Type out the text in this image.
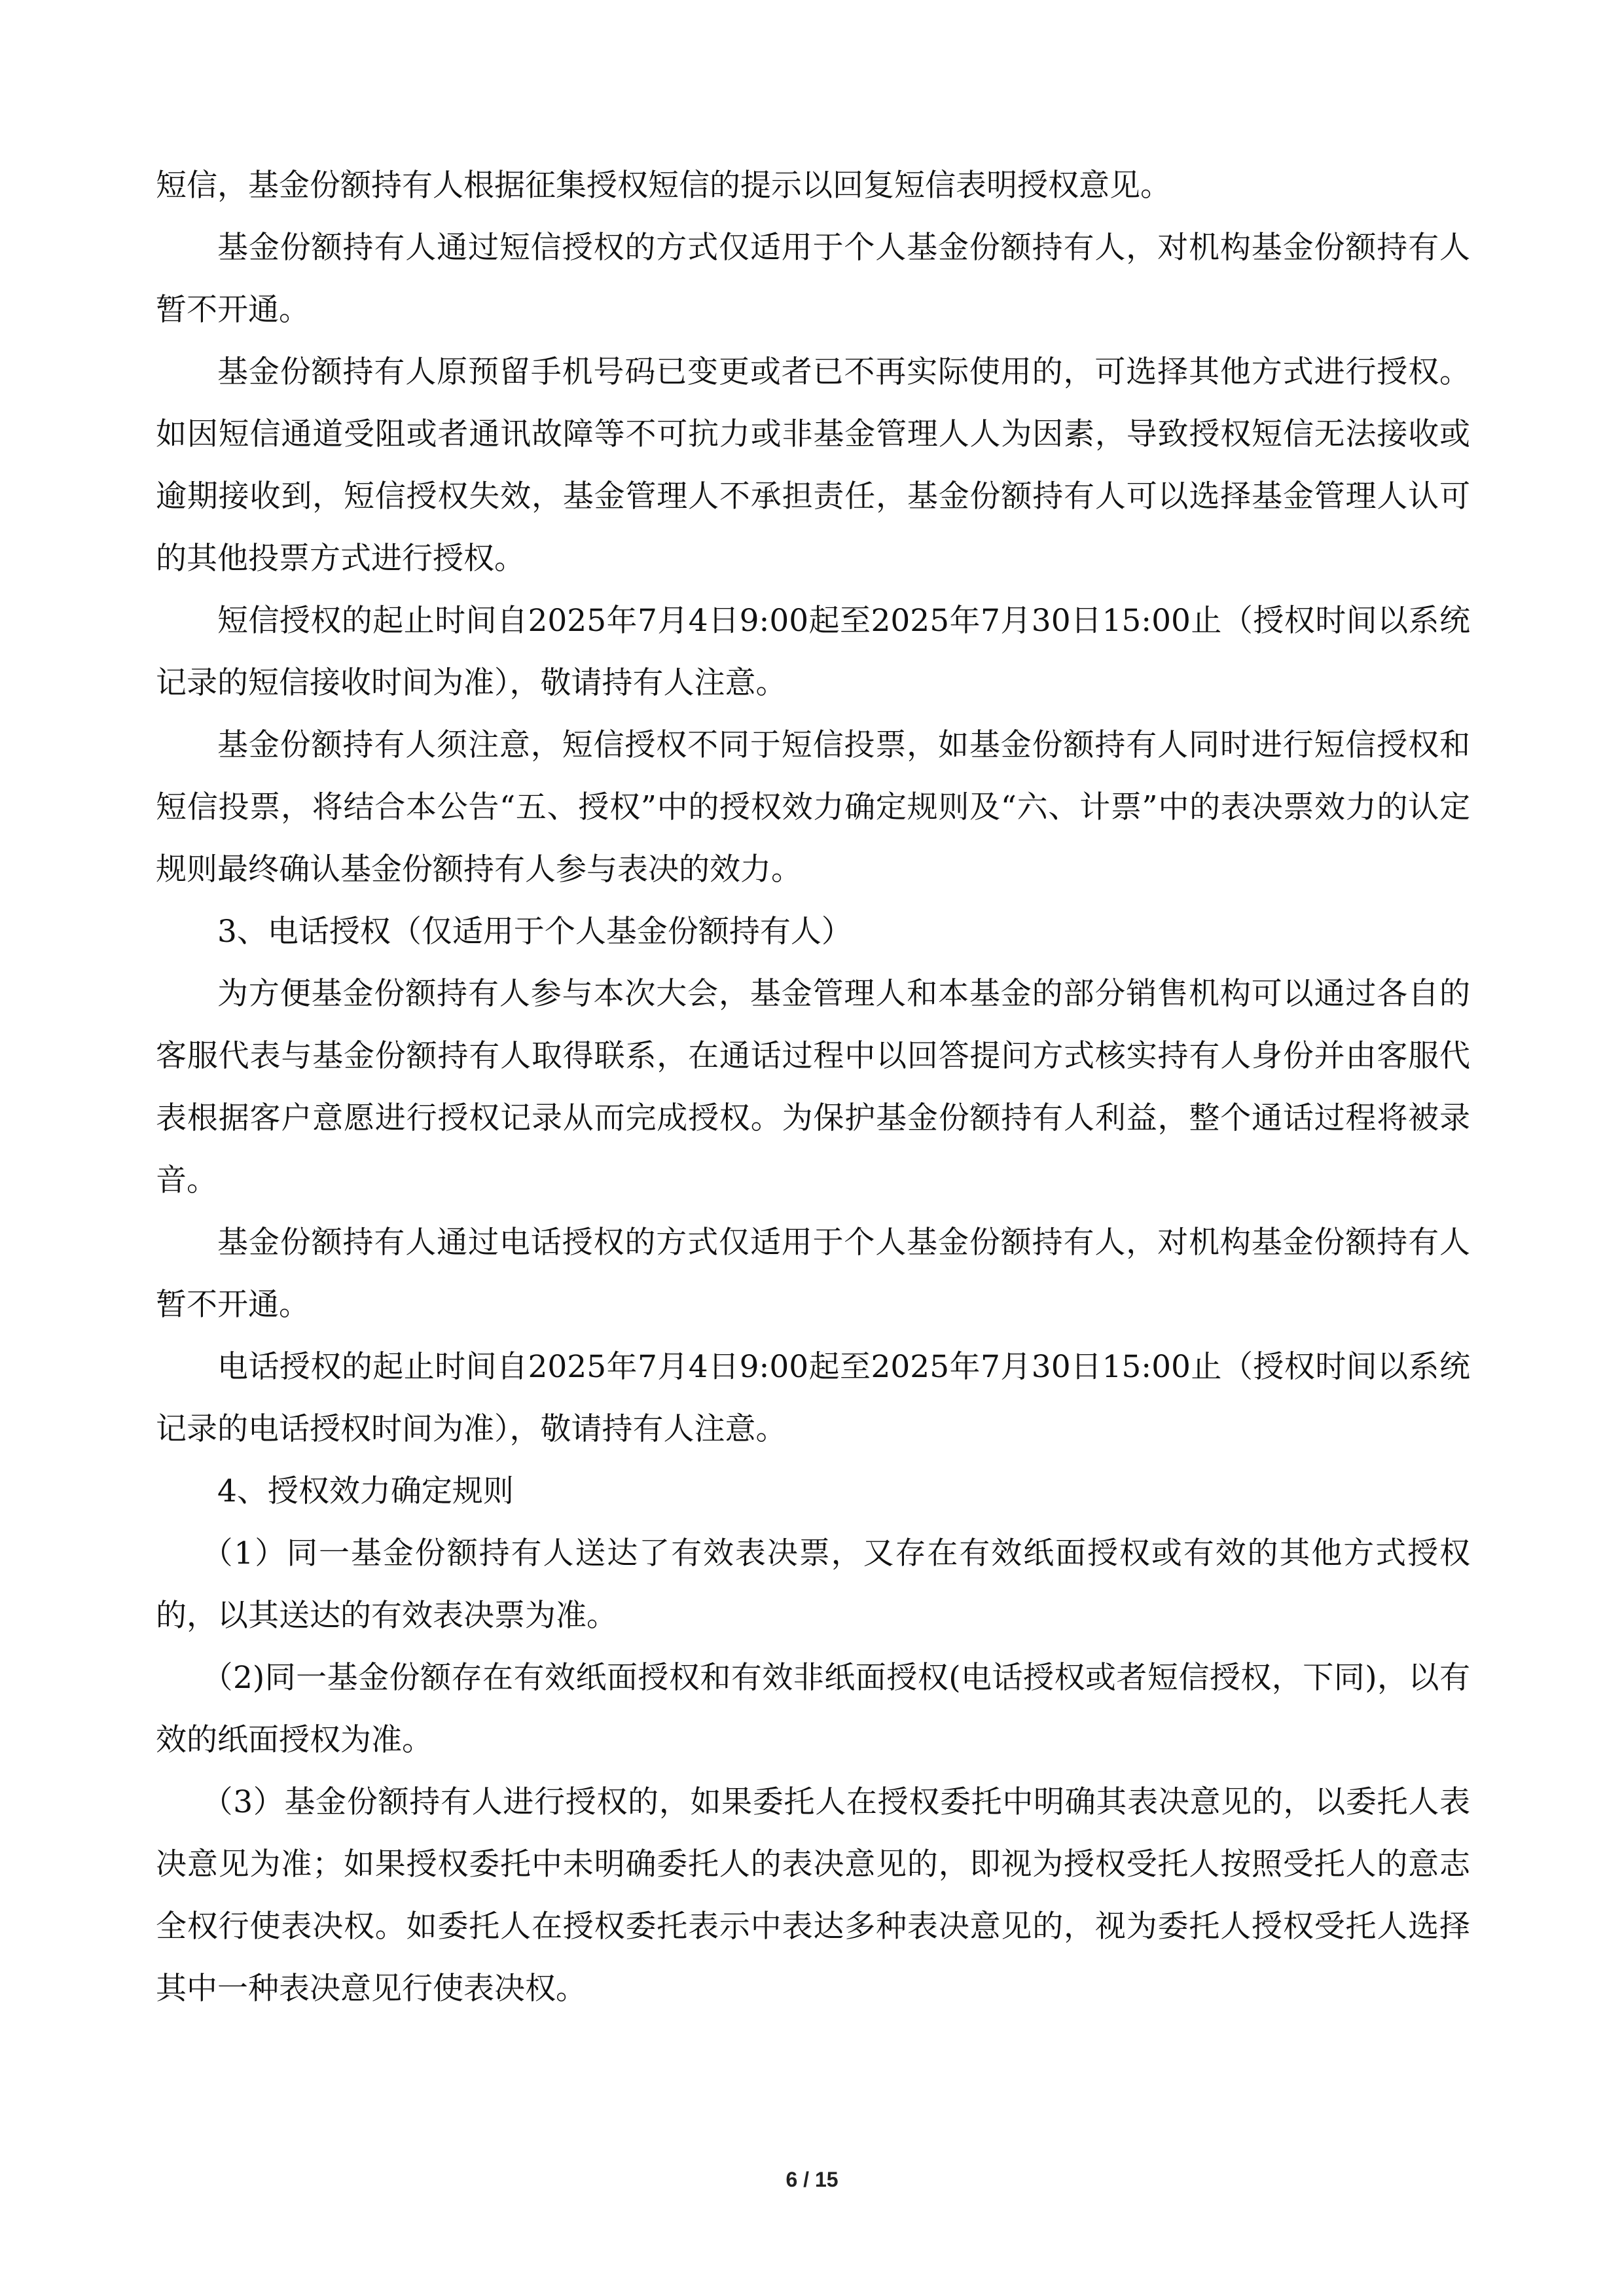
短信，基金份额持有人根据征集授权短信的提示以回复短信表明授权意见。

基金份额持有人通过短信授权的方式仅适用于个人基金份额持有人，对机构基金份额持有人暂不开通。

基金份额持有人原预留手机号码已变更或者已不再实际使用的，可选择其他方式进行授权。如因短信通道受阻或者通讯故障等不可抗力或非基金管理人人为因素，导致授权短信无法接收或逾期接收到，短信授权失效，基金管理人不承担责任，基金份额持有人可以选择基金管理人认可的其他投票方式进行授权。

短信授权的起止时间自2025年7月4日9:00起至2025年7月30日15:00止（授权时间以系统记录的短信接收时间为准），敬请持有人注意。

基金份额持有人须注意，短信授权不同于短信投票，如基金份额持有人同时进行短信授权和短信投票，将结合本公告“五、授权”中的授权效力确定规则及“六、计票”中的表决票效力的认定规则最终确认基金份额持有人参与表决的效力。

3、电话授权（仅适用于个人基金份额持有人）

为方便基金份额持有人参与本次大会，基金管理人和本基金的部分销售机构可以通过各自的客服代表与基金份额持有人取得联系，在通话过程中以回答提问方式核实持有人身份并由客服代表根据客户意愿进行授权记录从而完成授权。为保护基金份额持有人利益，整个通话过程将被录音。

基金份额持有人通过电话授权的方式仅适用于个人基金份额持有人，对机构基金份额持有人暂不开通。

电话授权的起止时间自2025年7月4日9:00起至2025年7月30日15:00止（授权时间以系统记录的电话授权时间为准），敬请持有人注意。

4、授权效力确定规则

（1）同一基金份额持有人送达了有效表决票，又存在有效纸面授权或有效的其他方式授权的，以其送达的有效表决票为准。

（2)同一基金份额存在有效纸面授权和有效非纸面授权(电话授权或者短信授权，下同)，以有效的纸面授权为准。

（3）基金份额持有人进行授权的，如果委托人在授权委托中明确其表决意见的，以委托人表决意见为准；如果授权委托中未明确委托人的表决意见的，即视为授权受托人按照受托人的意志全权行使表决权。如委托人在授权委托表示中表达多种表决意见的，视为委托人授权受托人选择其中一种表决意见行使表决权。

6 / 15
